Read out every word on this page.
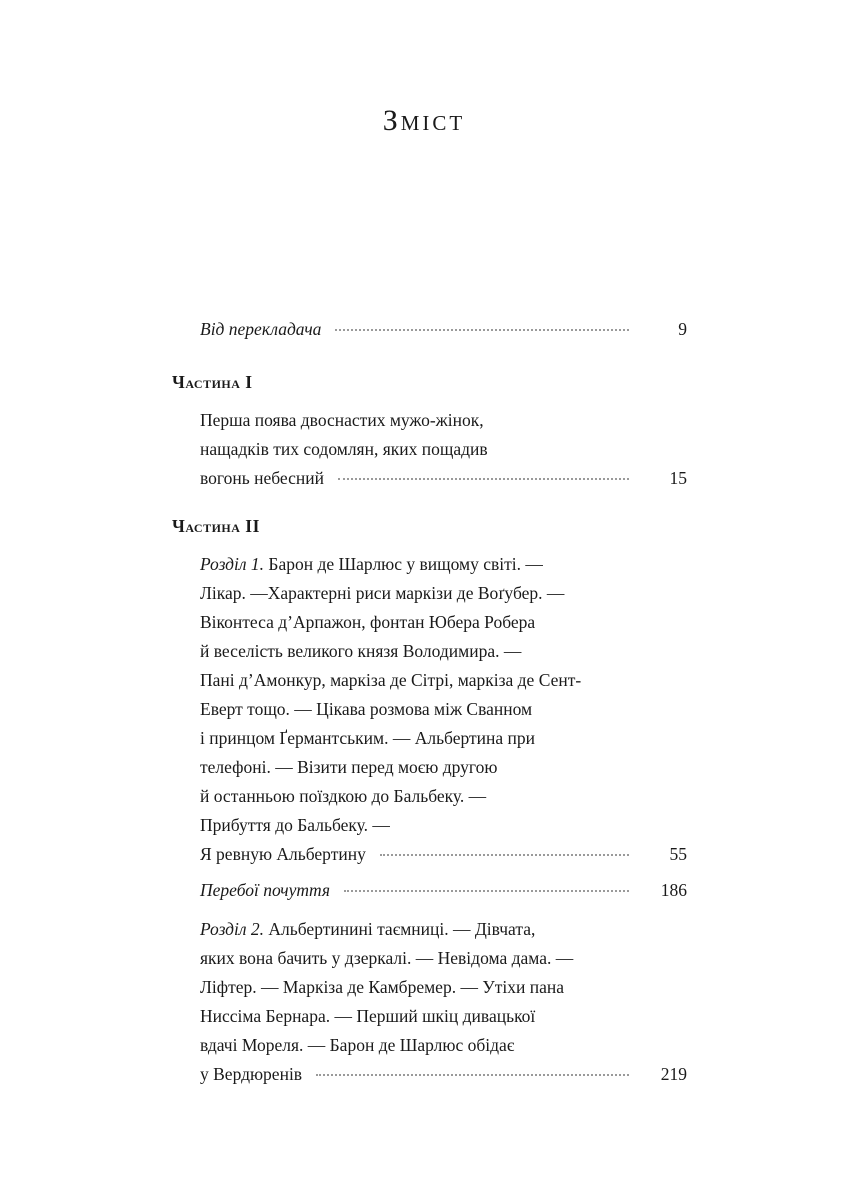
Зміст
Від перекладача	9
Частина I
Перша поява двоснастих мужо-жінок,
нащадків тих содомлян, яких пощадив
вогонь небесний	15
Частина II
Розділ 1. Барон де Шарлюс у вищому світі. —
Лікар. —Характерні риси маркізи де Воґубер. —
Віконтеса д’Арпажон, фонтан Юбера Робера
й веселість великого князя Володимира. —
Пані д’Амонкур, маркіза де Сітрі, маркіза де Сент-
Еверт тощо. — Цікава розмова між Сванном
і принцом Ґермантським. — Альбертина при
телефоні. — Візити перед моєю другою
й останньою поїздкою до Бальбеку. —
Прибуття до Бальбеку. —
Я ревную Альбертину	55
Перебої почуття	186
Розділ 2. Альбертинині таємниці. — Дівчата,
яких вона бачить у дзеркалі. — Невідома дама. —
Ліфтер. — Маркіза де Камбремер. — Утіхи пана
Ниссіма Бернара. — Перший шкіц дивацької
вдачі Мореля. — Барон де Шарлюс обідає
у Вердюренів	219
